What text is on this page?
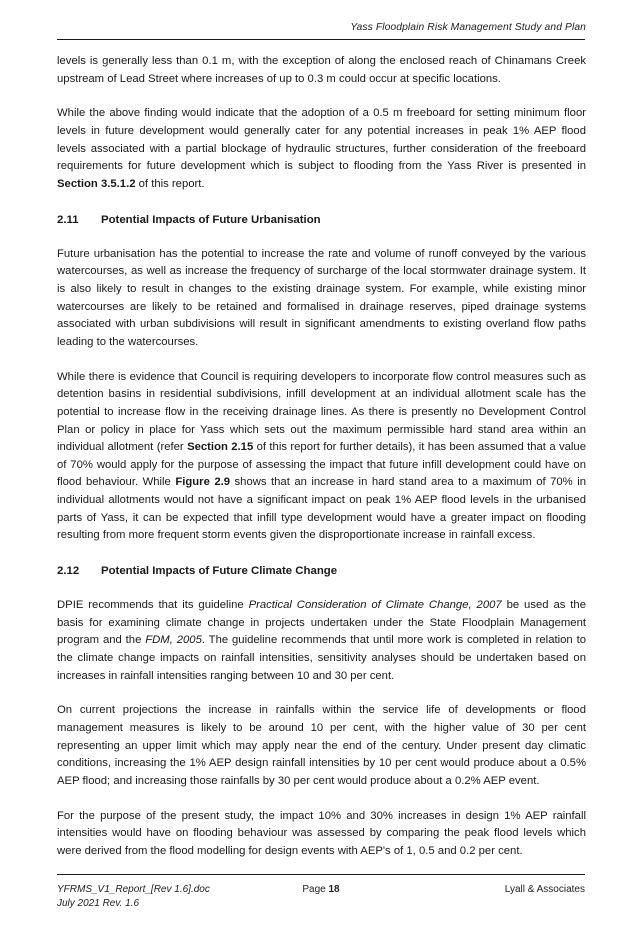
Yass Floodplain Risk Management Study and Plan

levels is generally less than 0.1 m, with the exception of along the enclosed reach of Chinamans Creek upstream of Lead Street where increases of up to 0.3 m could occur at specific locations.

While the above finding would indicate that the adoption of a 0.5 m freeboard for setting minimum floor levels in future development would generally cater for any potential increases in peak 1% AEP flood levels associated with a partial blockage of hydraulic structures, further consideration of the freeboard requirements for future development which is subject to flooding from the Yass River is presented in Section 3.5.1.2 of this report.

2.11	Potential Impacts of Future Urbanisation

Future urbanisation has the potential to increase the rate and volume of runoff conveyed by the various watercourses, as well as increase the frequency of surcharge of the local stormwater drainage system. It is also likely to result in changes to the existing drainage system. For example, while existing minor watercourses are likely to be retained and formalised in drainage reserves, piped drainage systems associated with urban subdivisions will result in significant amendments to existing overland flow paths leading to the watercourses.

While there is evidence that Council is requiring developers to incorporate flow control measures such as detention basins in residential subdivisions, infill development at an individual allotment scale has the potential to increase flow in the receiving drainage lines. As there is presently no Development Control Plan or policy in place for Yass which sets out the maximum permissible hard stand area within an individual allotment (refer Section 2.15 of this report for further details), it has been assumed that a value of 70% would apply for the purpose of assessing the impact that future infill development could have on flood behaviour. While Figure 2.9 shows that an increase in hard stand area to a maximum of 70% in individual allotments would not have a significant impact on peak 1% AEP flood levels in the urbanised parts of Yass, it can be expected that infill type development would have a greater impact on flooding resulting from more frequent storm events given the disproportionate increase in rainfall excess.

2.12	Potential Impacts of Future Climate Change

DPIE recommends that its guideline Practical Consideration of Climate Change, 2007 be used as the basis for examining climate change in projects undertaken under the State Floodplain Management program and the FDM, 2005. The guideline recommends that until more work is completed in relation to the climate change impacts on rainfall intensities, sensitivity analyses should be undertaken based on increases in rainfall intensities ranging between 10 and 30 per cent.

On current projections the increase in rainfalls within the service life of developments or flood management measures is likely to be around 10 per cent, with the higher value of 30 per cent representing an upper limit which may apply near the end of the century. Under present day climatic conditions, increasing the 1% AEP design rainfall intensities by 10 per cent would produce about a 0.5% AEP flood; and increasing those rainfalls by 30 per cent would produce about a 0.2% AEP event.

For the purpose of the present study, the impact 10% and 30% increases in design 1% AEP rainfall intensities would have on flooding behaviour was assessed by comparing the peak flood levels which were derived from the flood modelling for design events with AEP's of 1, 0.5 and 0.2 per cent.

YFRMS_V1_Report_[Rev 1.6].doc
July 2021 Rev. 1.6
Page 18	Lyall & Associates
